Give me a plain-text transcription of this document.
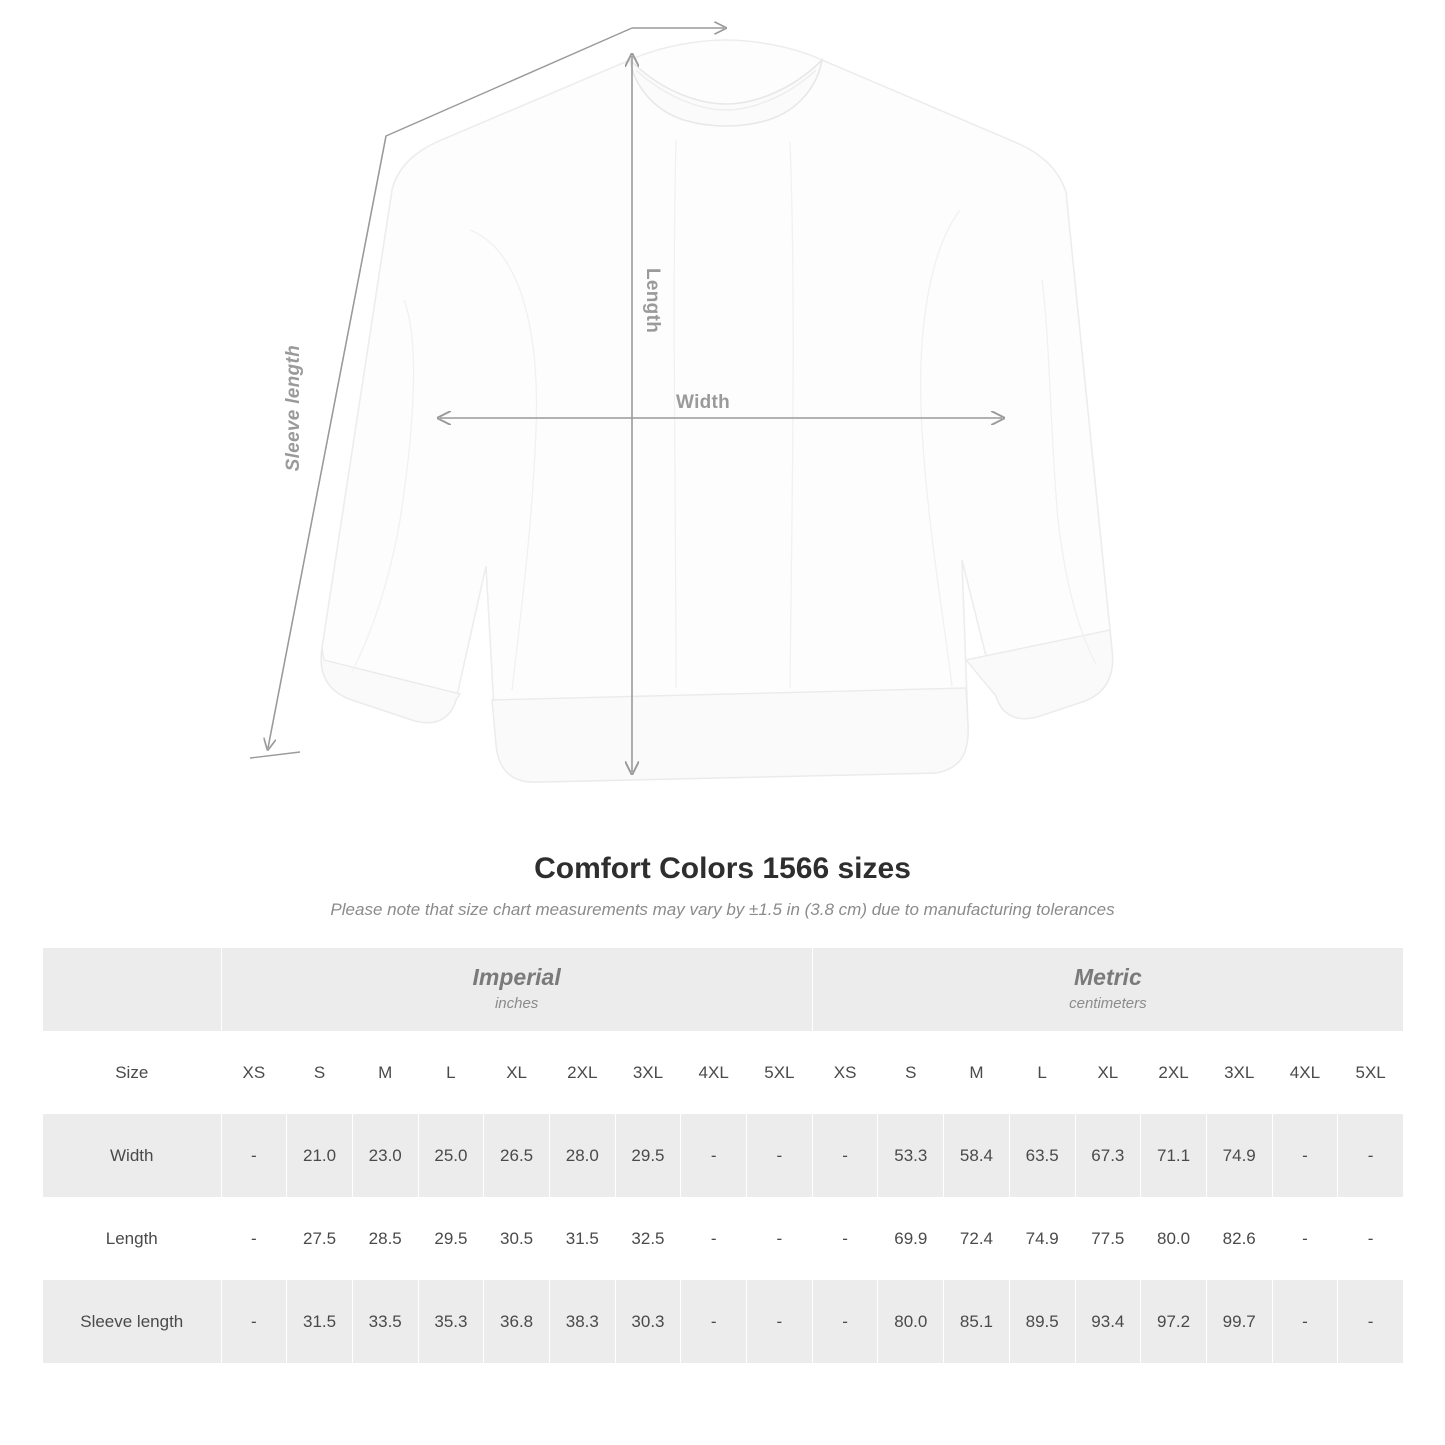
Length
Width
Sleeve length
Comfort Colors 1566 sizes

Please note that size chart measurements may vary by ±1.5 in (3.8 cm) due to manufacturing tolerances

Imperial
inches

Metric
centimeters

Size	XS	S	M	L	XL	2XL	3XL	4XL	5XL	XS	S	M	L	XL	2XL	3XL	4XL	5XL
Width	-	21.0	23.0	25.0	26.5	28.0	29.5	-	-	-	53.3	58.4	63.5	67.3	71.1	74.9	-	-
Length	-	27.5	28.5	29.5	30.5	31.5	32.5	-	-	-	69.9	72.4	74.9	77.5	80.0	82.6	-	-
Sleeve length	-	31.5	33.5	35.3	36.8	38.3	30.3	-	-	-	80.0	85.1	89.5	93.4	97.2	99.7	-	-
